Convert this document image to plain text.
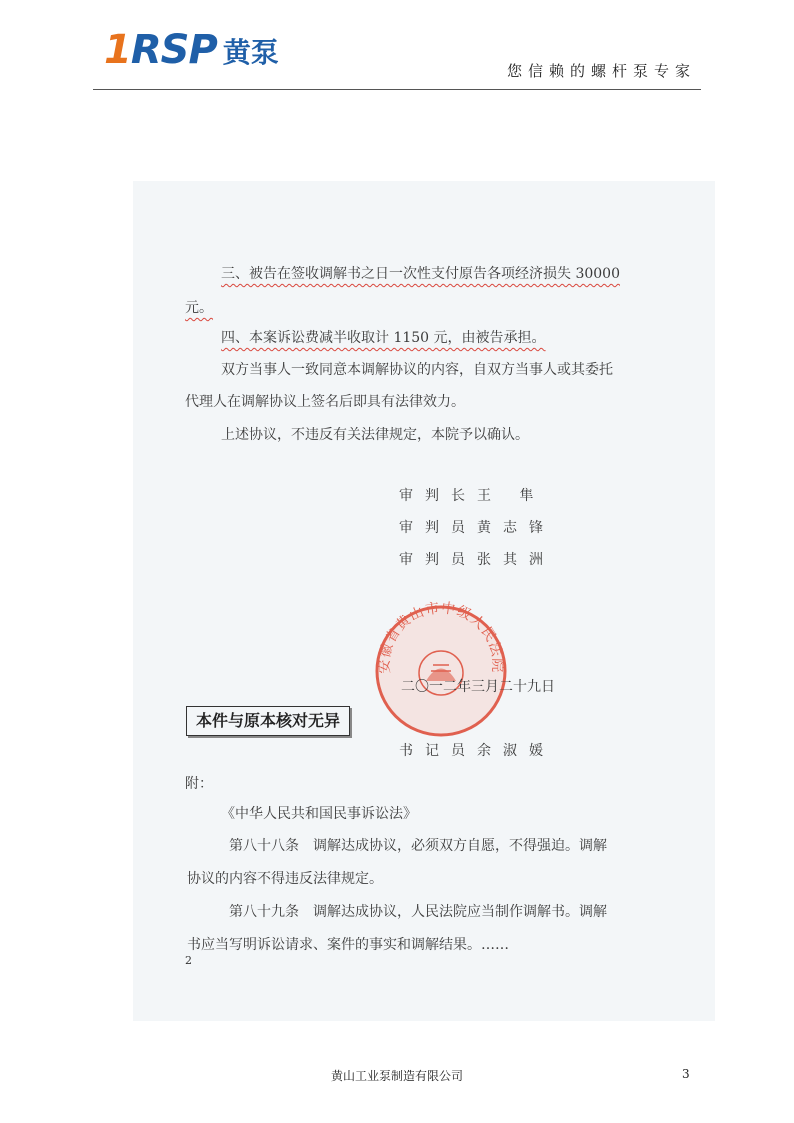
1 RSP 黄泵
您信赖的螺杆泵专家
三、被告在签收调解书之日一次性支付原告各项经济损失 30000
元。
四、本案诉讼费减半收取计 1150 元，由被告承担。
双方当事人一致同意本调解协议的内容，自双方当事人或其委托
代理人在调解协议上签名后即具有法律效力。
上述协议，不违反有关法律规定，本院予以确认。
审判长王 隼
审判员黄志锋
审判员张其洲
安徽省黄山市中级人民法院
二〇一二年三月二十九日
本件与原本核对无异
书记员余淑媛
附：
《中华人民共和国民事诉讼法》
第八十八条　调解达成协议，必须双方自愿，不得强迫。调解
协议的内容不得违反法律规定。
第八十九条　调解达成协议，人民法院应当制作调解书。调解
书应当写明诉讼请求、案件的事实和调解结果。……
2
黄山工业泵制造有限公司	3
